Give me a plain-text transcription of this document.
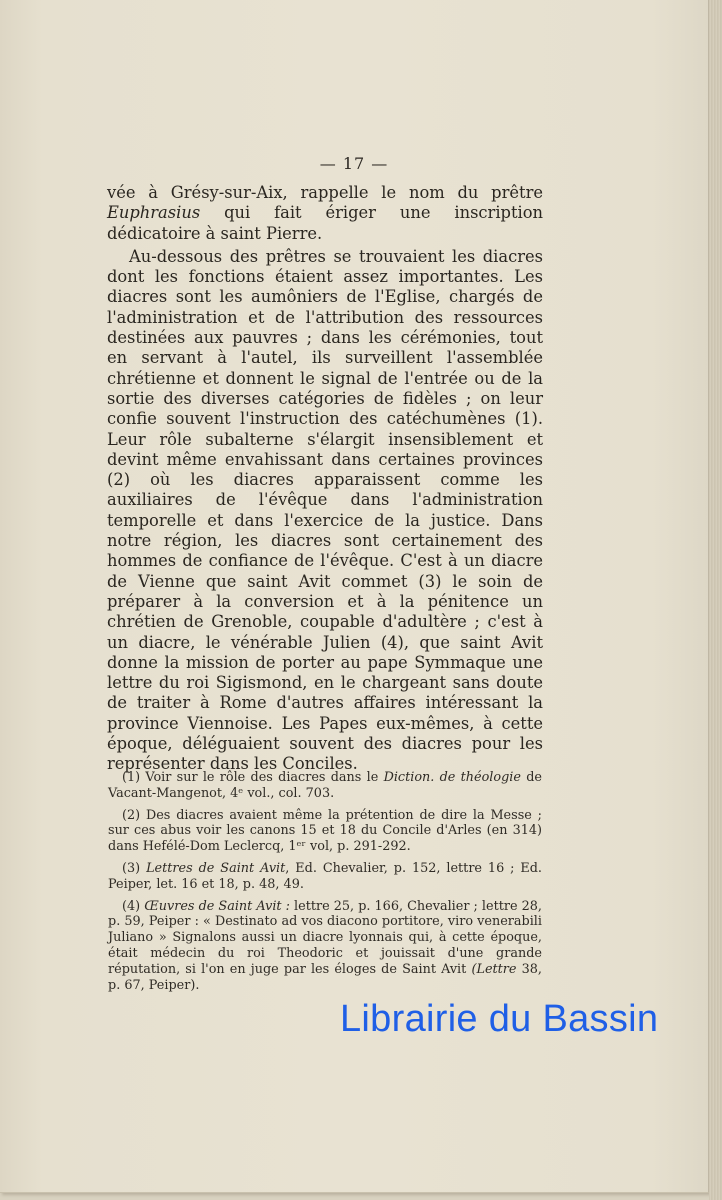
— 17 —

vée à Grésy-sur-Aix, rappelle le nom du prêtre Euphrasius qui fait ériger une inscription dédicatoire à saint Pierre.

Au-dessous des prêtres se trouvaient les diacres dont les fonctions étaient assez importantes. Les diacres sont les aumôniers de l'Eglise, chargés de l'administration et de l'attribution des ressources destinées aux pauvres ; dans les cérémonies, tout en servant à l'autel, ils surveillent l'assemblée chrétienne et donnent le signal de l'entrée ou de la sortie des diverses catégories de fidèles ; on leur confie souvent l'instruction des catéchumènes (1). Leur rôle subalterne s'élargit insensiblement et devint même envahissant dans certaines provinces (2) où les diacres apparaissent comme les auxiliaires de l'évêque dans l'administration temporelle et dans l'exercice de la justice. Dans notre région, les diacres sont certainement des hommes de confiance de l'évêque. C'est à un diacre de Vienne que saint Avit commet (3) le soin de préparer à la conversion et à la pénitence un chrétien de Grenoble, coupable d'adultère ; c'est à un diacre, le vénérable Julien (4), que saint Avit donne la mission de porter au pape Symmaque une lettre du roi Sigismond, en le chargeant sans doute de traiter à Rome d'autres affaires intéressant la province Viennoise. Les Papes eux-mêmes, à cette époque, déléguaient souvent des diacres pour les représenter dans les Conciles.

(1) Voir sur le rôle des diacres dans le Diction. de théologie de Vacant-Mangenot, 4ᵉ vol., col. 703.

(2) Des diacres avaient même la prétention de dire la Messe ; sur ces abus voir les canons 15 et 18 du Concile d'Arles (en 314) dans Hefélé-Dom Leclercq, 1ᵉʳ vol, p. 291-292.

(3) Lettres de Saint Avit, Ed. Chevalier, p. 152, lettre 16 ; Ed. Peiper, let. 16 et 18, p. 48, 49.

(4) Œuvres de Saint Avit : lettre 25, p. 166, Chevalier ; lettre 28, p. 59, Peiper : « Destinato ad vos diacono portitore, viro venerabili Juliano » Signalons aussi un diacre lyonnais qui, à cette époque, était médecin du roi Theodoric et jouissait d'une grande réputation, si l'on en juge par les éloges de Saint Avit (Lettre 38, p. 67, Peiper).

Librairie du Bassin
